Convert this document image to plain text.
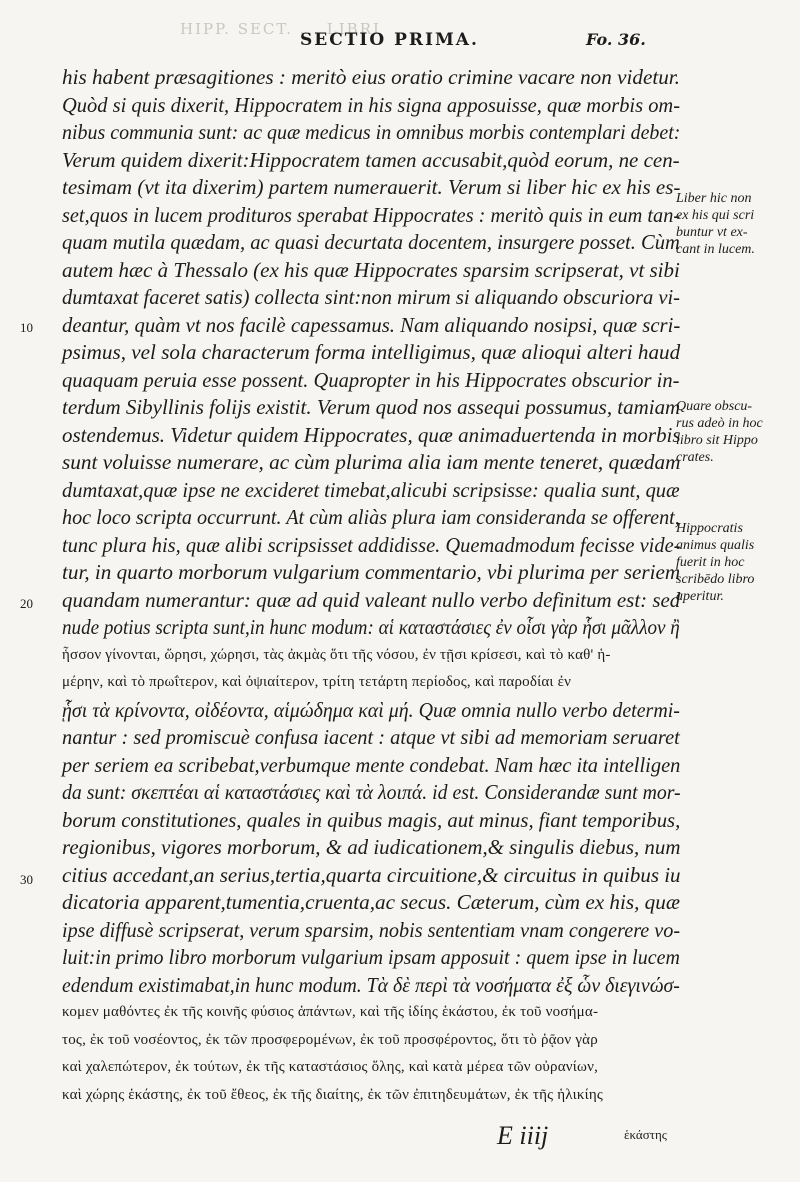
HIPP. SECT. ... LIBRI
SECTIO PRIMA.	Fo. 36.
his habent præsagitiones : meritò eius oratio crimine vacare non videtur.
Quòd si quis dixerit, Hippocratem in his signa apposuisse, quæ morbis om-
nibus communia sunt: ac quæ medicus in omnibus morbis contemplari debet:
Verum quidem dixerit:Hippocratem tamen accusabit,quòd eorum, ne cen-
tesimam (vt ita dixerim) partem numerauerit. Verum si liber hic ex his es-
set,quos in lucem prodituros sperabat Hippocrates : meritò quis in eum tan-
quam mutila quædam, ac quasi decurtata docentem, insurgere posset. Cùm
autem hæc à Thessalo (ex his quæ Hippocrates sparsim scripserat, vt sibi
dumtaxat faceret satis) collecta sint:non mirum si aliquando obscuriora vi-
deantur, quàm vt nos facilè capessamus. Nam aliquando nosipsi, quæ scri-
psimus, vel sola characterum forma intelligimus, quæ alioqui alteri haud
quaquam peruia esse possent. Quapropter in his Hippocrates obscurior in-
terdum Sibyllinis folijs existit. Verum quod nos assequi possumus, tamiam
ostendemus. Videtur quidem Hippocrates, quæ animaduertenda in morbis
sunt voluisse numerare, ac cùm plurima alia iam mente teneret, quædam
dumtaxat,quæ ipse ne excideret timebat,alicubi scripsisse: qualia sunt, quæ
hoc loco scripta occurrunt. At cùm aliàs plura iam consideranda se offerent,
tunc plura his, quæ alibi scripsisset addidisse. Quemadmodum fecisse vide-
tur, in quarto morborum vulgarium commentario, vbi plurima per seriem
quandam numerantur: quæ ad quid valeant nullo verbo definitum est: sed
nude potius scripta sunt,in hunc modum: αἱ καταστάσιες ἐν οἷσι γὰρ ἧσι μᾶλλον ἢ
ἧσσον γίνονται, ὥρησι, χώρησι, τὰς ἀκμὰς ὅτι τῆς νόσου, ἐν τῇσι κρίσεσι, καὶ τὸ καθ' ἡ-
μέρην, καὶ τὸ πρωΐτερον, καὶ ὀψιαίτερον, τρίτη τετάρτη περίοδος, καὶ παροδίαι ἐν
ᾗσι τὰ κρίνοντα, οἰδέοντα, αἱμώδημα καὶ μή. Quæ omnia nullo verbo determi-
nantur : sed promiscuè confusa iacent : atque vt sibi ad memoriam seruaret
per seriem ea scribebat,verbumque mente condebat. Nam hæc ita intelligen
da sunt: σκεπτέαι αἱ καταστάσιες καὶ τὰ λοιπά. id est. Considerandæ sunt mor-
borum constitutiones, quales in quibus magis, aut minus, fiant temporibus,
regionibus, vigores morborum, & ad iudicationem,& singulis diebus, num
citius accedant,an serius,tertia,quarta circuitione,& circuitus in quibus iu
dicatoria apparent,tumentia,cruenta,ac secus. Cæterum, cùm ex his, quæ
ipse diffusè scripserat, verum sparsim, nobis sententiam vnam congerere vo-
luit:in primo libro morborum vulgarium ipsam apposuit : quem ipse in lucem
edendum existimabat,in hunc modum. Τὰ δὲ περὶ τὰ νοσήματα ἐξ ὧν διεγινώσ-
κομεν μαθόντες ἐκ τῆς κοινῆς φύσιος ἁπάντων, καὶ τῆς ἰδίης ἑκάστου, ἐκ τοῦ νοσήμα-
τος, ἐκ τοῦ νοσέοντος, ἐκ τῶν προσφερομένων, ἐκ τοῦ προσφέροντος, ὅτι τὸ ῥᾷον γὰρ
καὶ χαλεπώτερον, ἐκ τούτων, ἐκ τῆς καταστάσιος ὅλης, καὶ κατὰ μέρεα τῶν οὐρανίων,
καὶ χώρης ἑκάστης, ἐκ τοῦ ἔθεος, ἐκ τῆς διαίτης, ἐκ τῶν ἐπιτηδευμάτων, ἐκ τῆς ἡλικίης
10
20
30
Liber hic non
ex his qui scri
buntur vt ex-
cant in lucem.
Quare obscu-
rus adeò in hoc
libro sit Hippo
crates.
Hippocratis
animus qualis
fuerit in hoc
scribēdo libro
aperitur.
E iiij	ἑκάστης
